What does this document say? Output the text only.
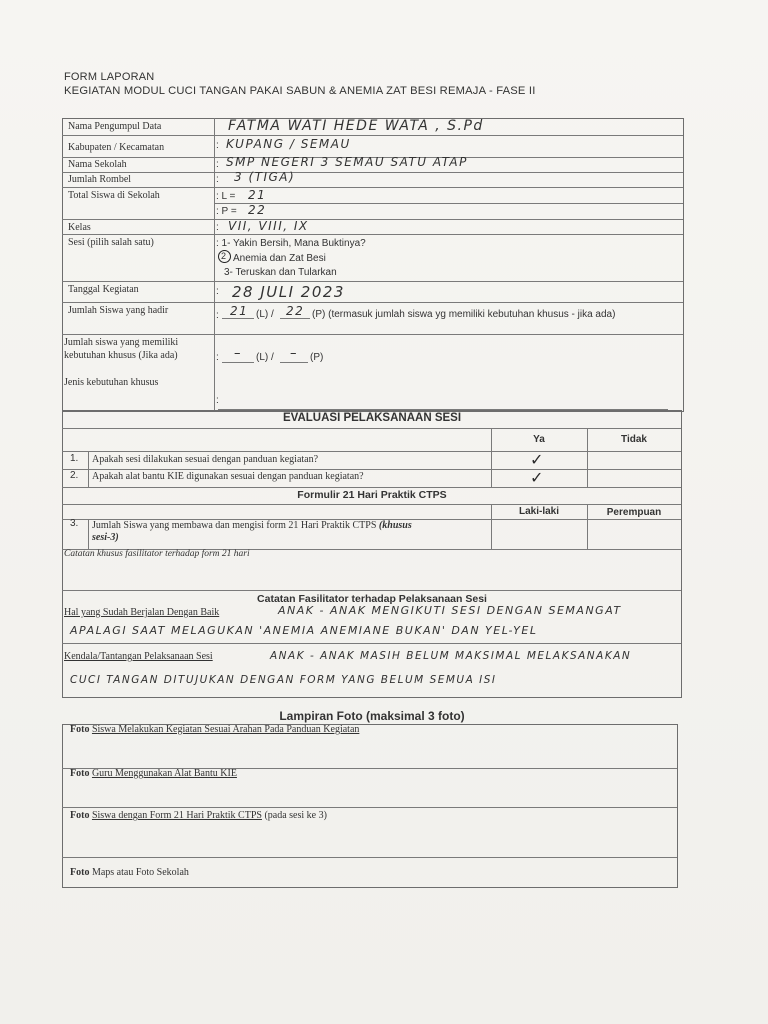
FORM LAPORAN
KEGIATAN MODUL CUCI TANGAN PAKAI SABUN & ANEMIA ZAT BESI REMAJA - FASE II
Nama Pengumpul Data	FATMA WATI HEDE WATA , S.Pd
Kabupaten / Kecamatan	: KUPANG / SEMAU
Nama Sekolah	: SMP NEGERI 3 SEMAU SATU ATAP
Jumlah Rombel	: 3 (TIGA)
Total Siswa di Sekolah	: L = 21
: P = 22
Kelas	: VII, VIII, IX
Sesi (pilih salah satu)	: 1- Yakin Bersih, Mana Buktinya?
2 Anemia dan Zat Besi
3- Teruskan dan Tularkan
Tanggal Kegiatan	: 28 JULI 2023
Jumlah Siswa yang hadir	: 21 (L) / 22 (P) (termasuk jumlah siswa yg memiliki kebutuhan khusus - jika ada)
Jumlah siswa yang memiliki
kebutuhan khusus (Jika ada)	: – (L) / – (P)
Jenis kebutuhan khusus
:
EVALUASI PELAKSANAAN SESI
Ya	Tidak
1. Apakah sesi dilakukan sesuai dengan panduan kegiatan?	✓
2. Apakah alat bantu KIE digunakan sesuai dengan panduan kegiatan?	✓
Formulir 21 Hari Praktik CTPS
Laki-laki	Perempuan
3. Jumlah Siswa yang membawa dan mengisi form 21 Hari Praktik CTPS (khusus
sesi-3)
Catatan khusus fasilitator terhadap form 21 hari
Catatan Fasilitator terhadap Pelaksanaan Sesi
Hal yang Sudah Berjalan Dengan Baik	ANAK - ANAK MENGIKUTI SESI DENGAN SEMANGAT
APALAGI SAAT MELAGUKAN 'ANEMIA ANEMIANE BUKAN' DAN YEL-YEL
Kendala/Tantangan Pelaksanaan Sesi	ANAK - ANAK MASIH BELUM MAKSIMAL MELAKSANAKAN
CUCI TANGAN DITUJUKAN DENGAN FORM YANG BELUM SEMUA ISI
Lampiran Foto (maksimal 3 foto)
Foto Siswa Melakukan Kegiatan Sesuai Arahan Pada Panduan Kegiatan
Foto Guru Menggunakan Alat Bantu KIE
Foto Siswa dengan Form 21 Hari Praktik CTPS (pada sesi ke 3)
Foto Maps atau Foto Sekolah
